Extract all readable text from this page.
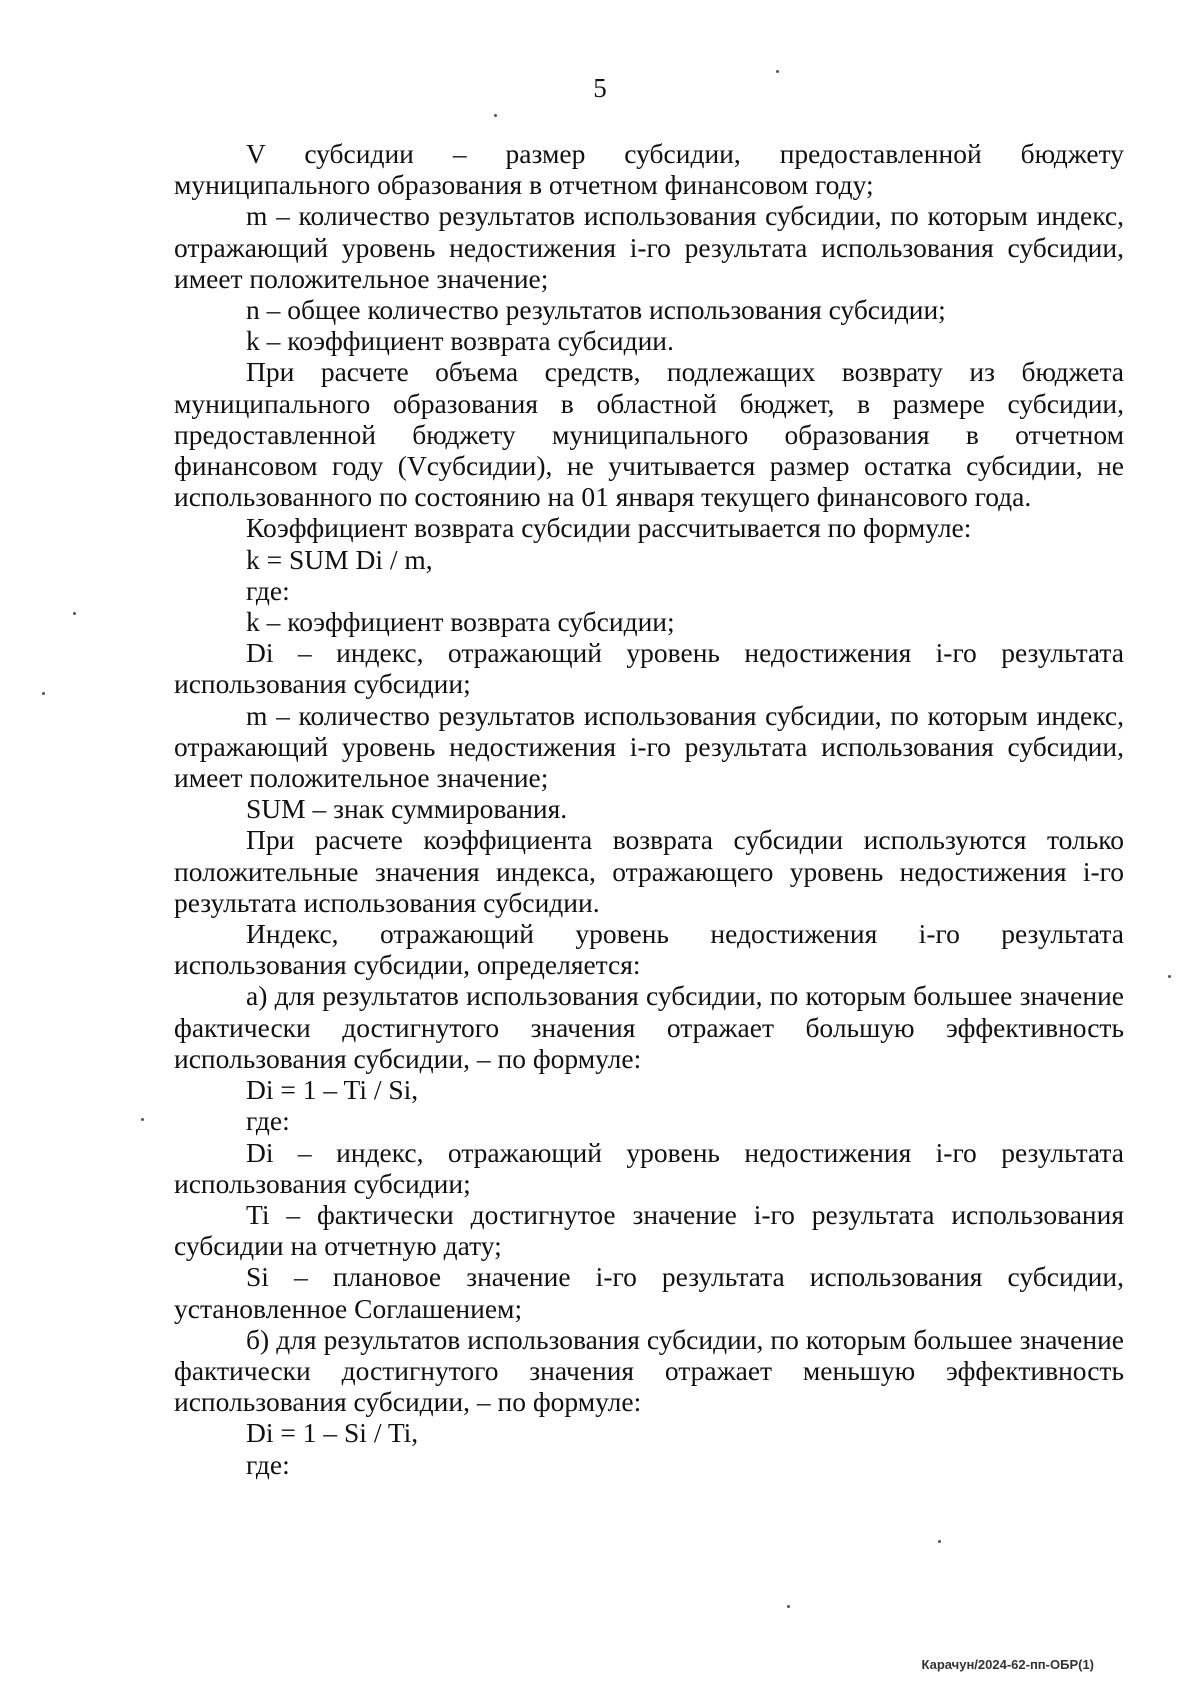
5

V субсидии – размер субсидии, предоставленной бюджету муниципального образования в отчетном финансовом году;

m – количество результатов использования субсидии, по которым индекс, отражающий уровень недостижения i-го результата использования субсидии, имеет положительное значение;

n – общее количество результатов использования субсидии;

k – коэффициент возврата субсидии.

При расчете объема средств, подлежащих возврату из бюджета муниципального образования в областной бюджет, в размере субсидии, предоставленной бюджету муниципального образования в отчетном финансовом году (Vсубсидии), не учитывается размер остатка субсидии, не использованного по состоянию на 01 января текущего финансового года.

Коэффициент возврата субсидии рассчитывается по формуле:

k = SUM Di / m,

где:

k – коэффициент возврата субсидии;

Di – индекс, отражающий уровень недостижения i-го результата использования субсидии;

m – количество результатов использования субсидии, по которым индекс, отражающий уровень недостижения i-го результата использования субсидии, имеет положительное значение;

SUM – знак суммирования.

При расчете коэффициента возврата субсидии используются только положительные значения индекса, отражающего уровень недостижения i-го результата использования субсидии.

Индекс, отражающий уровень недостижения i-го результата использования субсидии, определяется:

а) для результатов использования субсидии, по которым большее значение фактически достигнутого значения отражает большую эффективность использования субсидии, – по формуле:

Di = 1 – Ti / Si,

где:

Di – индекс, отражающий уровень недостижения i-го результата использования субсидии;

Ti – фактически достигнутое значение i-го результата использования субсидии на отчетную дату;

Si – плановое значение i-го результата использования субсидии, установленное Соглашением;

б) для результатов использования субсидии, по которым большее значение фактически достигнутого значения отражает меньшую эффективность использования субсидии, – по формуле:

Di = 1 – Si / Ti,

где:

Карачун/2024-62-пп-ОБР(1)
